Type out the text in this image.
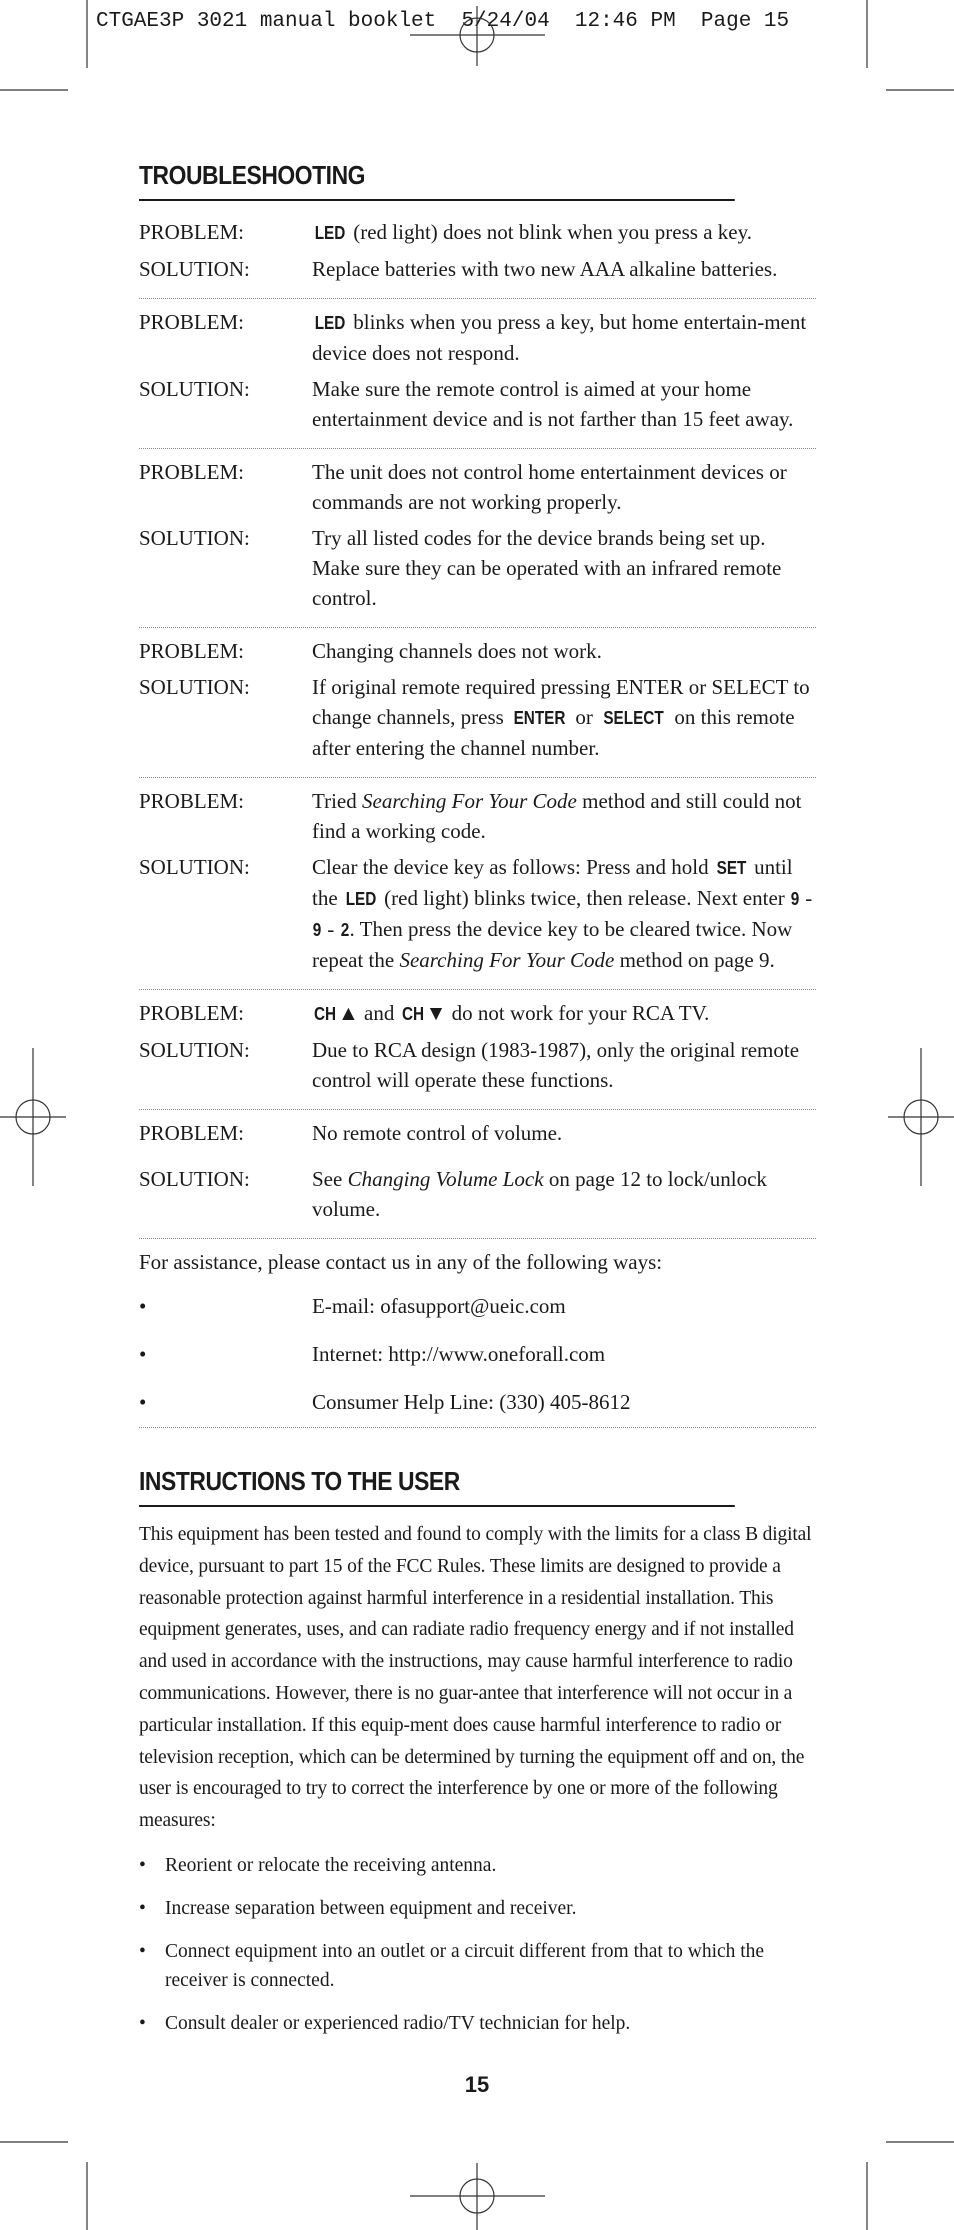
CTGAE3P 3021 manual booklet  5/24/04  12:46 PM  Page 15
TROUBLESHOOTING
PROBLEM:	LED (red light) does not blink when you press a key.
SOLUTION:	Replace batteries with two new AAA alkaline batteries.
PROBLEM:	LED blinks when you press a key, but home entertain-ment device does not respond.
SOLUTION:	Make sure the remote control is aimed at your home entertainment device and is not farther than 15 feet away.
PROBLEM:	The unit does not control home entertainment devices or commands are not working properly.
SOLUTION:	Try all listed codes for the device brands being set up. Make sure they can be operated with an infrared remote control.
PROBLEM:	Changing channels does not work.
SOLUTION:	If original remote required pressing ENTER or SELECT to change channels, press ENTER or SELECT on this remote after entering the channel number.
PROBLEM:	Tried Searching For Your Code method and still could not find a working code.
SOLUTION:	Clear the device key as follows: Press and hold SET until the LED (red light) blinks twice, then release. Next enter 9 - 9 - 2. Then press the device key to be cleared twice. Now repeat the Searching For Your Code method on page 9.
PROBLEM:	CH▲ and CH▼ do not work for your RCA TV.
SOLUTION:	Due to RCA design (1983-1987), only the original remote control will operate these functions.
PROBLEM:	No remote control of volume.
SOLUTION:	See Changing Volume Lock on page 12 to lock/unlock volume.
For assistance, please contact us in any of the following ways:
•	E-mail: ofasupport@ueic.com
•	Internet: http://www.oneforall.com
•	Consumer Help Line: (330) 405-8612
INSTRUCTIONS TO THE USER

This equipment has been tested and found to comply with the limits for a class B digital device, pursuant to part 15 of the FCC Rules. These limits are designed to provide a reasonable protection against harmful interference in a residential installation. This equipment generates, uses, and can radiate radio frequency energy and if not installed and used in accordance with the instructions, may cause harmful interference to radio communications. However, there is no guar-antee that interference will not occur in a particular installation. If this equip-ment does cause harmful interference to radio or television reception, which can be determined by turning the equipment off and on, the user is encouraged to try to correct the interference by one or more of the following measures:

• Reorient or relocate the receiving antenna.
• Increase separation between equipment and receiver.
• Connect equipment into an outlet or a circuit different from that to which the receiver is connected.
• Consult dealer or experienced radio/TV technician for help.
15
